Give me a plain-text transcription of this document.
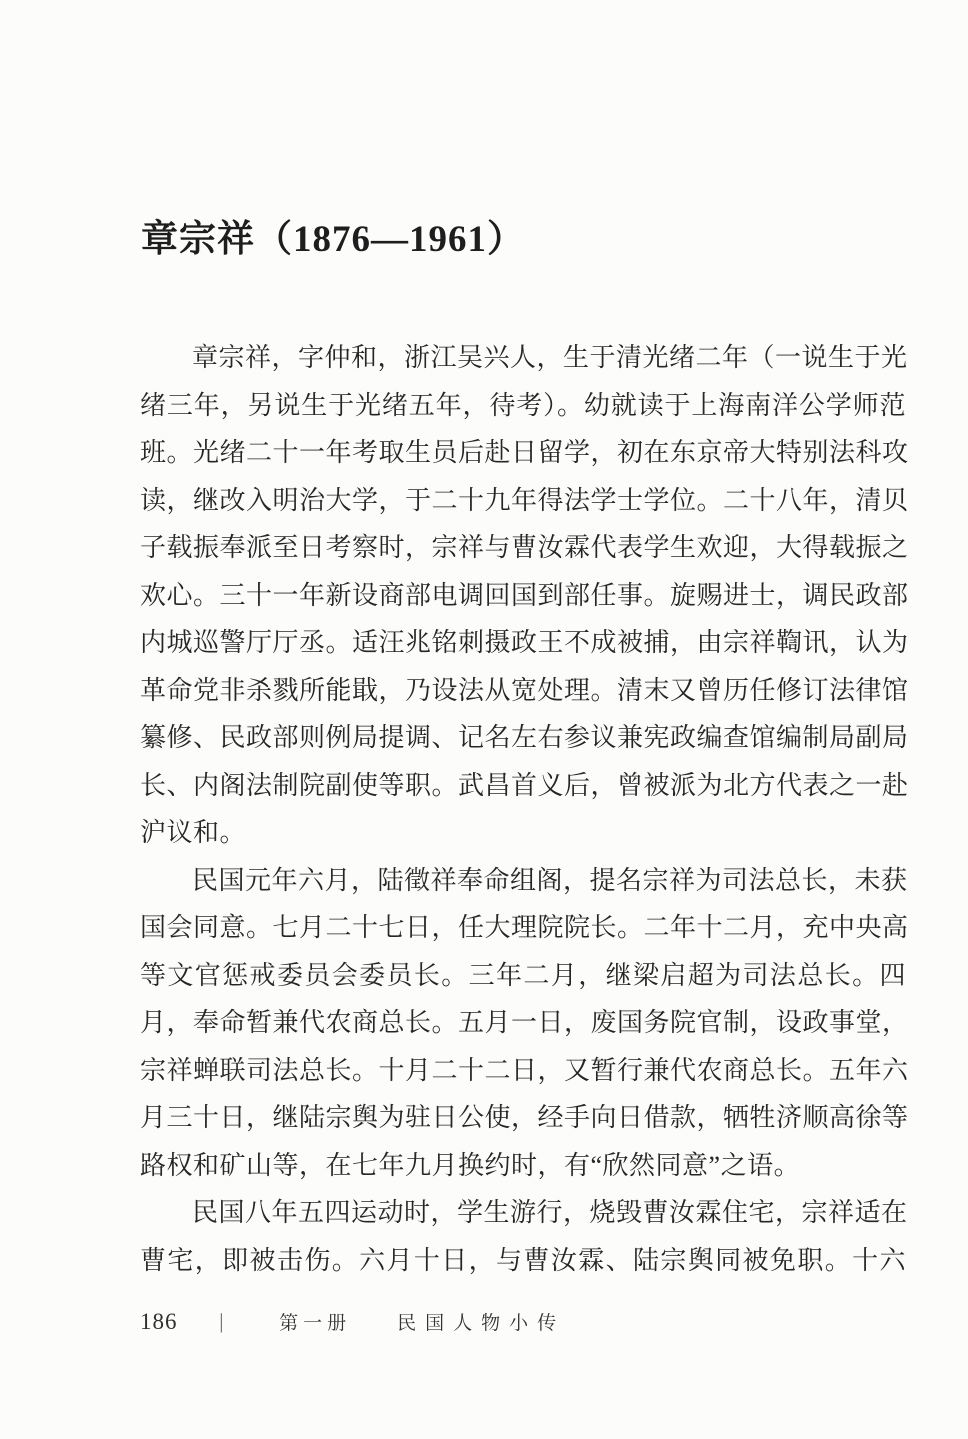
章宗祥（1876—1961）

章宗祥，字仲和，浙江吴兴人，生于清光绪二年（一说生于光
绪三年，另说生于光绪五年，待考）。幼就读于上海南洋公学师范
班。光绪二十一年考取生员后赴日留学，初在东京帝大特别法科攻
读，继改入明治大学，于二十九年得法学士学位。二十八年，清贝
子载振奉派至日考察时，宗祥与曹汝霖代表学生欢迎，大得载振之
欢心。三十一年新设商部电调回国到部任事。旋赐进士，调民政部
内城巡警厅厅丞。适汪兆铭刺摄政王不成被捕，由宗祥鞫讯，认为
革命党非杀戮所能戢，乃设法从宽处理。清末又曾历任修订法律馆
纂修、民政部则例局提调、记名左右参议兼宪政编查馆编制局副局
长、内阁法制院副使等职。武昌首义后，曾被派为北方代表之一赴
沪议和。

民国元年六月，陆徵祥奉命组阁，提名宗祥为司法总长，未获
国会同意。七月二十七日，任大理院院长。二年十二月，充中央高
等文官惩戒委员会委员长。三年二月，继梁启超为司法总长。四
月，奉命暂兼代农商总长。五月一日，废国务院官制，设政事堂，
宗祥蝉联司法总长。十月二十二日，又暂行兼代农商总长。五年六
月三十日，继陆宗舆为驻日公使，经手向日借款，牺牲济顺高徐等
路权和矿山等，在七年九月换约时，有“欣然同意”之语。

民国八年五四运动时，学生游行，烧毁曹汝霖住宅，宗祥适在
曹宅，即被击伤。六月十日，与曹汝霖、陆宗舆同被免职。十六

186 |	第一册 民国人物小传
